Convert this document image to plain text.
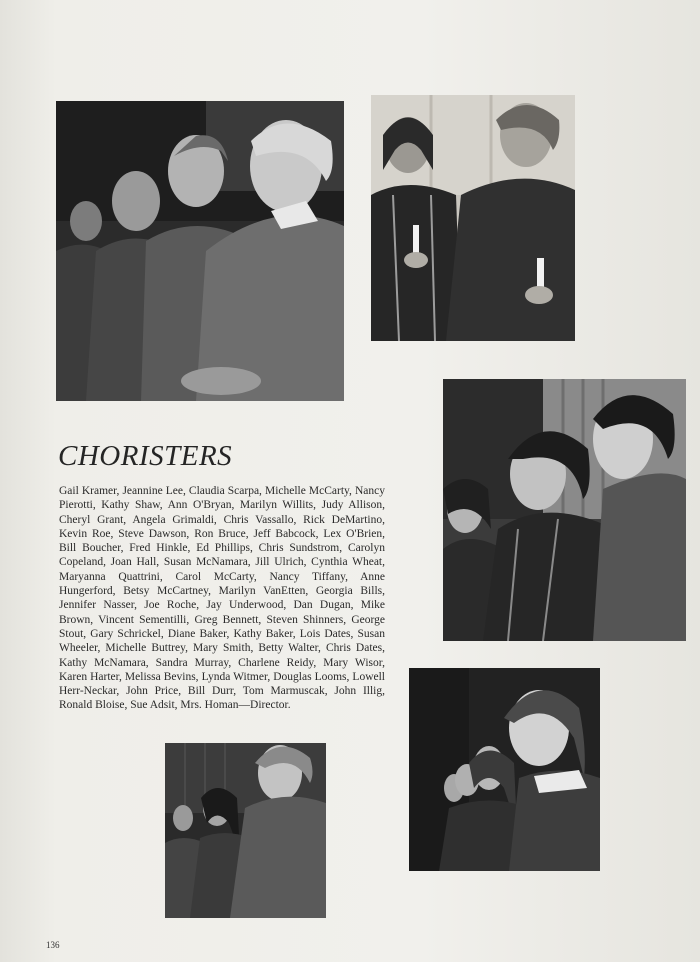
CHORISTERS

Gail Kramer, Jeannine Lee, Claudia Scarpa, Michelle McCarty, Nancy Pierotti, Kathy Shaw, Ann O'Bryan, Marilyn Willits, Judy Allison, Cheryl Grant, Angela Grimaldi, Chris Vassallo, Rick DeMartino, Kevin Roe, Steve Dawson, Ron Bruce, Jeff Babcock, Lex O'Brien, Bill Boucher, Fred Hinkle, Ed Phillips, Chris Sundstrom, Carolyn Copeland, Joan Hall, Susan McNamara, Jill Ulrich, Cynthia Wheat, Maryanna Quattrini, Carol McCarty, Nancy Tiffany, Anne Hungerford, Betsy McCartney, Marilyn VanEtten, Georgia Bills, Jennifer Nasser, Joe Roche, Jay Underwood, Dan Dugan, Mike Brown, Vincent Sementilli, Greg Bennett, Steven Shinners, George Stout, Gary Schrickel, Diane Baker, Kathy Baker, Lois Dates, Susan Wheeler, Michelle Buttrey, Mary Smith, Betty Walter, Chris Dates, Kathy McNamara, Sandra Murray, Charlene Reidy, Mary Wisor, Karen Harter, Melissa Bevins, Lynda Witmer, Douglas Looms, Lowell Herr-Neckar, John Price, Bill Durr, Tom Marmuscak, John Illig, Ronald Bloise, Sue Adsit, Mrs. Homan—Director.

136
